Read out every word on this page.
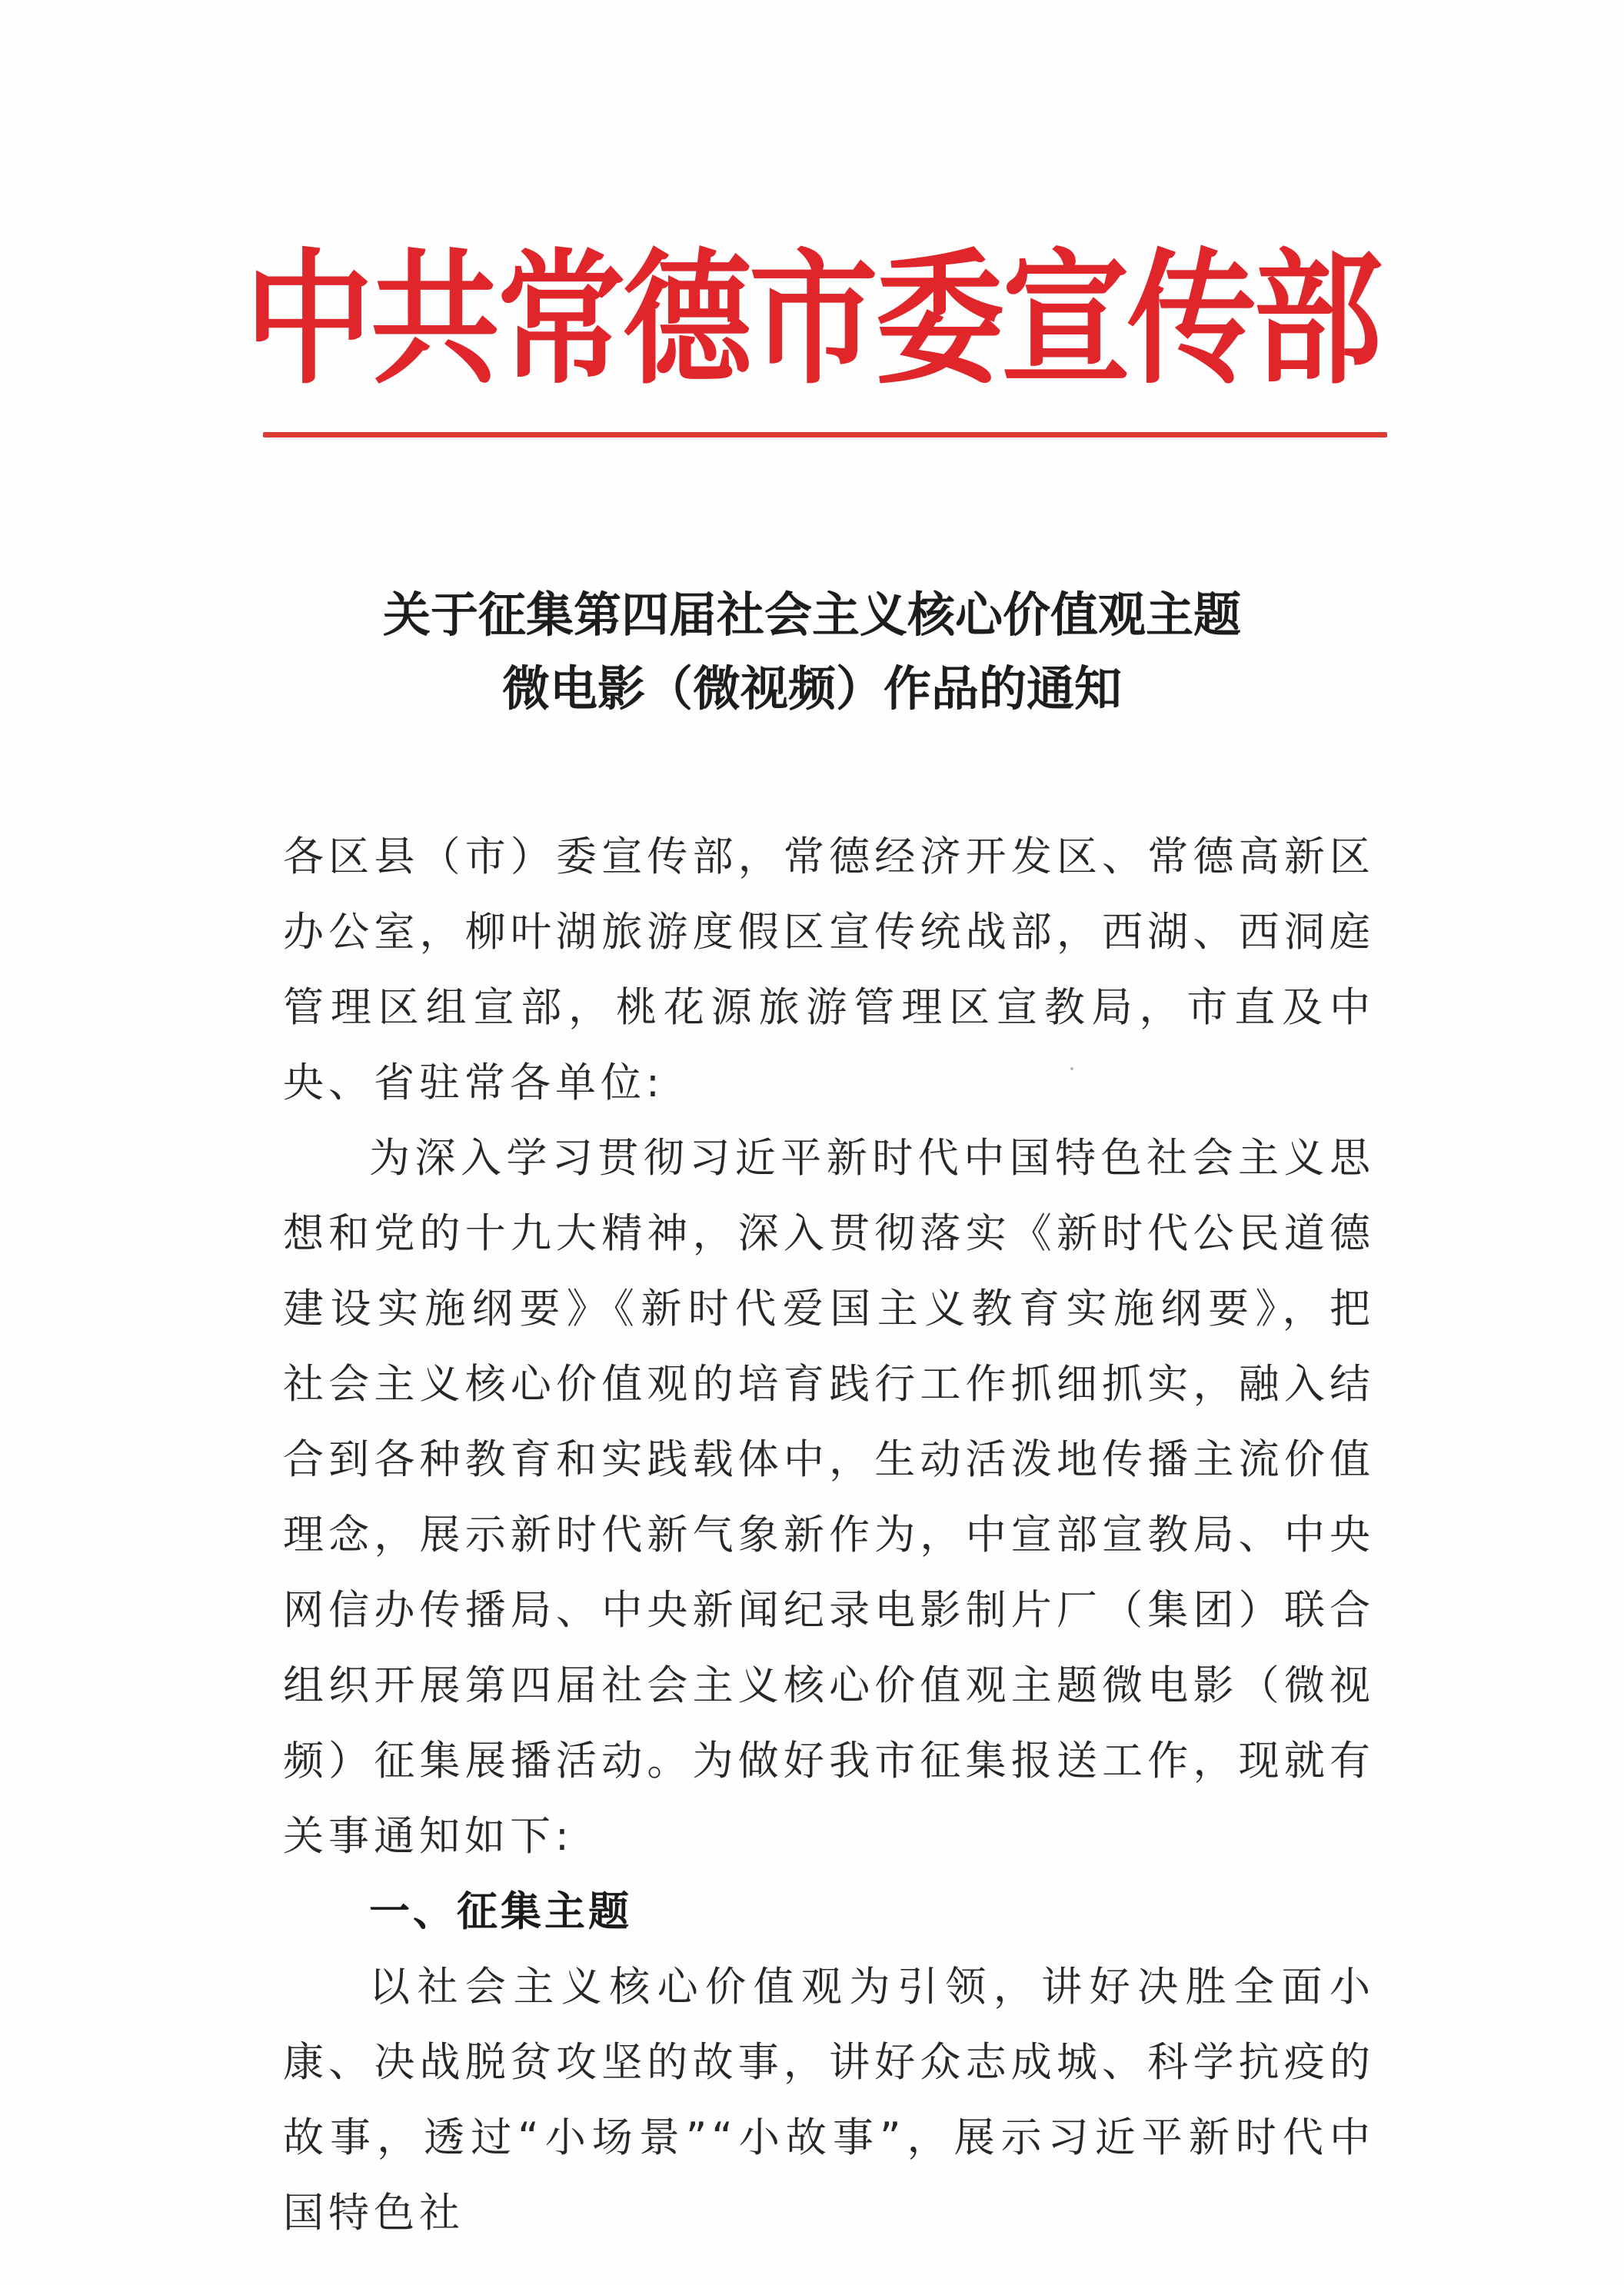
中共常德市委宣传部
关于征集第四届社会主义核心价值观主题
微电影（微视频）作品的通知

各区县（市）委宣传部，常德经济开发区、常德高新区办公室，柳叶湖旅游度假区宣传统战部，西湖、西洞庭管理区组宣部，桃花源旅游管理区宣教局，市直及中央、省驻常各单位:

为深入学习贯彻习近平新时代中国特色社会主义思想和党的十九大精神，深入贯彻落实《新时代公民道德建设实施纲要》《新时代爱国主义教育实施纲要》，把社会主义核心价值观的培育践行工作抓细抓实，融入结合到各种教育和实践载体中，生动活泼地传播主流价值理念，展示新时代新气象新作为，中宣部宣教局、中央网信办传播局、中央新闻纪录电影制片厂（集团）联合组织开展第四届社会主义核心价值观主题微电影（微视频）征集展播活动。为做好我市征集报送工作，现就有关事通知如下:

一、征集主题

以社会主义核心价值观为引领，讲好决胜全面小康、决战脱贫攻坚的故事，讲好众志成城、科学抗疫的故事，透过“小场景”“小故事”，展示习近平新时代中国特色社
